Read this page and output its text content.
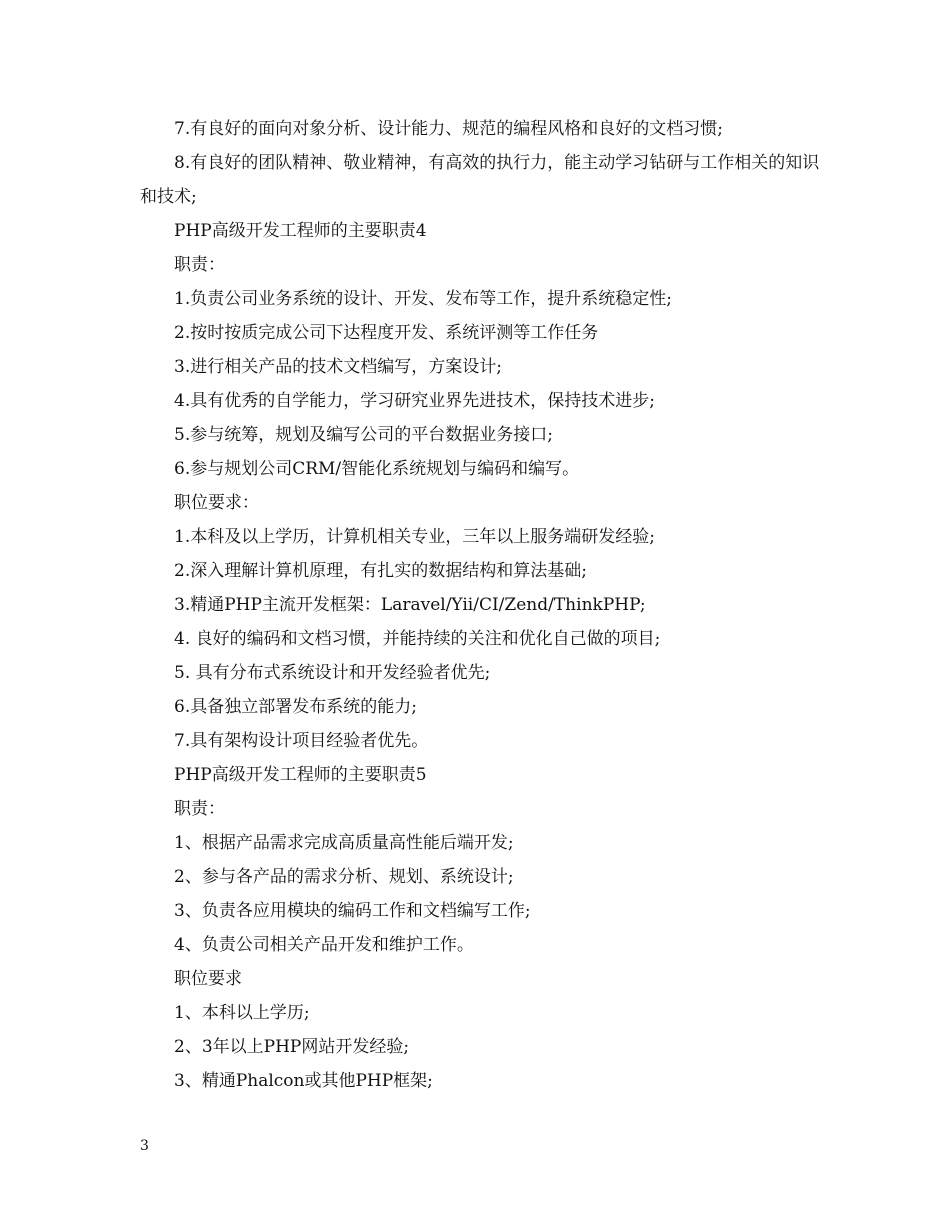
7.有良好的面向对象分析、设计能力、规范的编程风格和良好的文档习惯;

8.有良好的团队精神、敬业精神，有高效的执行力，能主动学习钻研与工作相关的知识和技术;

PHP高级开发工程师的主要职责4

职责：

1.负责公司业务系统的设计、开发、发布等工作，提升系统稳定性;

2.按时按质完成公司下达程度开发、系统评测等工作任务

3.进行相关产品的技术文档编写，方案设计;

4.具有优秀的自学能力，学习研究业界先进技术，保持技术进步;

5.参与统筹，规划及编写公司的平台数据业务接口;

6.参与规划公司CRM/智能化系统规划与编码和编写。

职位要求：

1.本科及以上学历，计算机相关专业，三年以上服务端研发经验;

2.深入理解计算机原理，有扎实的数据结构和算法基础;

3.精通PHP主流开发框架：Laravel/Yii/CI/Zend/ThinkPHP;

4. 良好的编码和文档习惯，并能持续的关注和优化自己做的项目;

5. 具有分布式系统设计和开发经验者优先;

6.具备独立部署发布系统的能力;

7.具有架构设计项目经验者优先。

PHP高级开发工程师的主要职责5

职责：

1、根据产品需求完成高质量高性能后端开发;

2、参与各产品的需求分析、规划、系统设计;

3、负责各应用模块的编码工作和文档编写工作;

4、负责公司相关产品开发和维护工作。

职位要求

1、本科以上学历;

2、3年以上PHP网站开发经验;

3、精通Phalcon或其他PHP框架;

3
